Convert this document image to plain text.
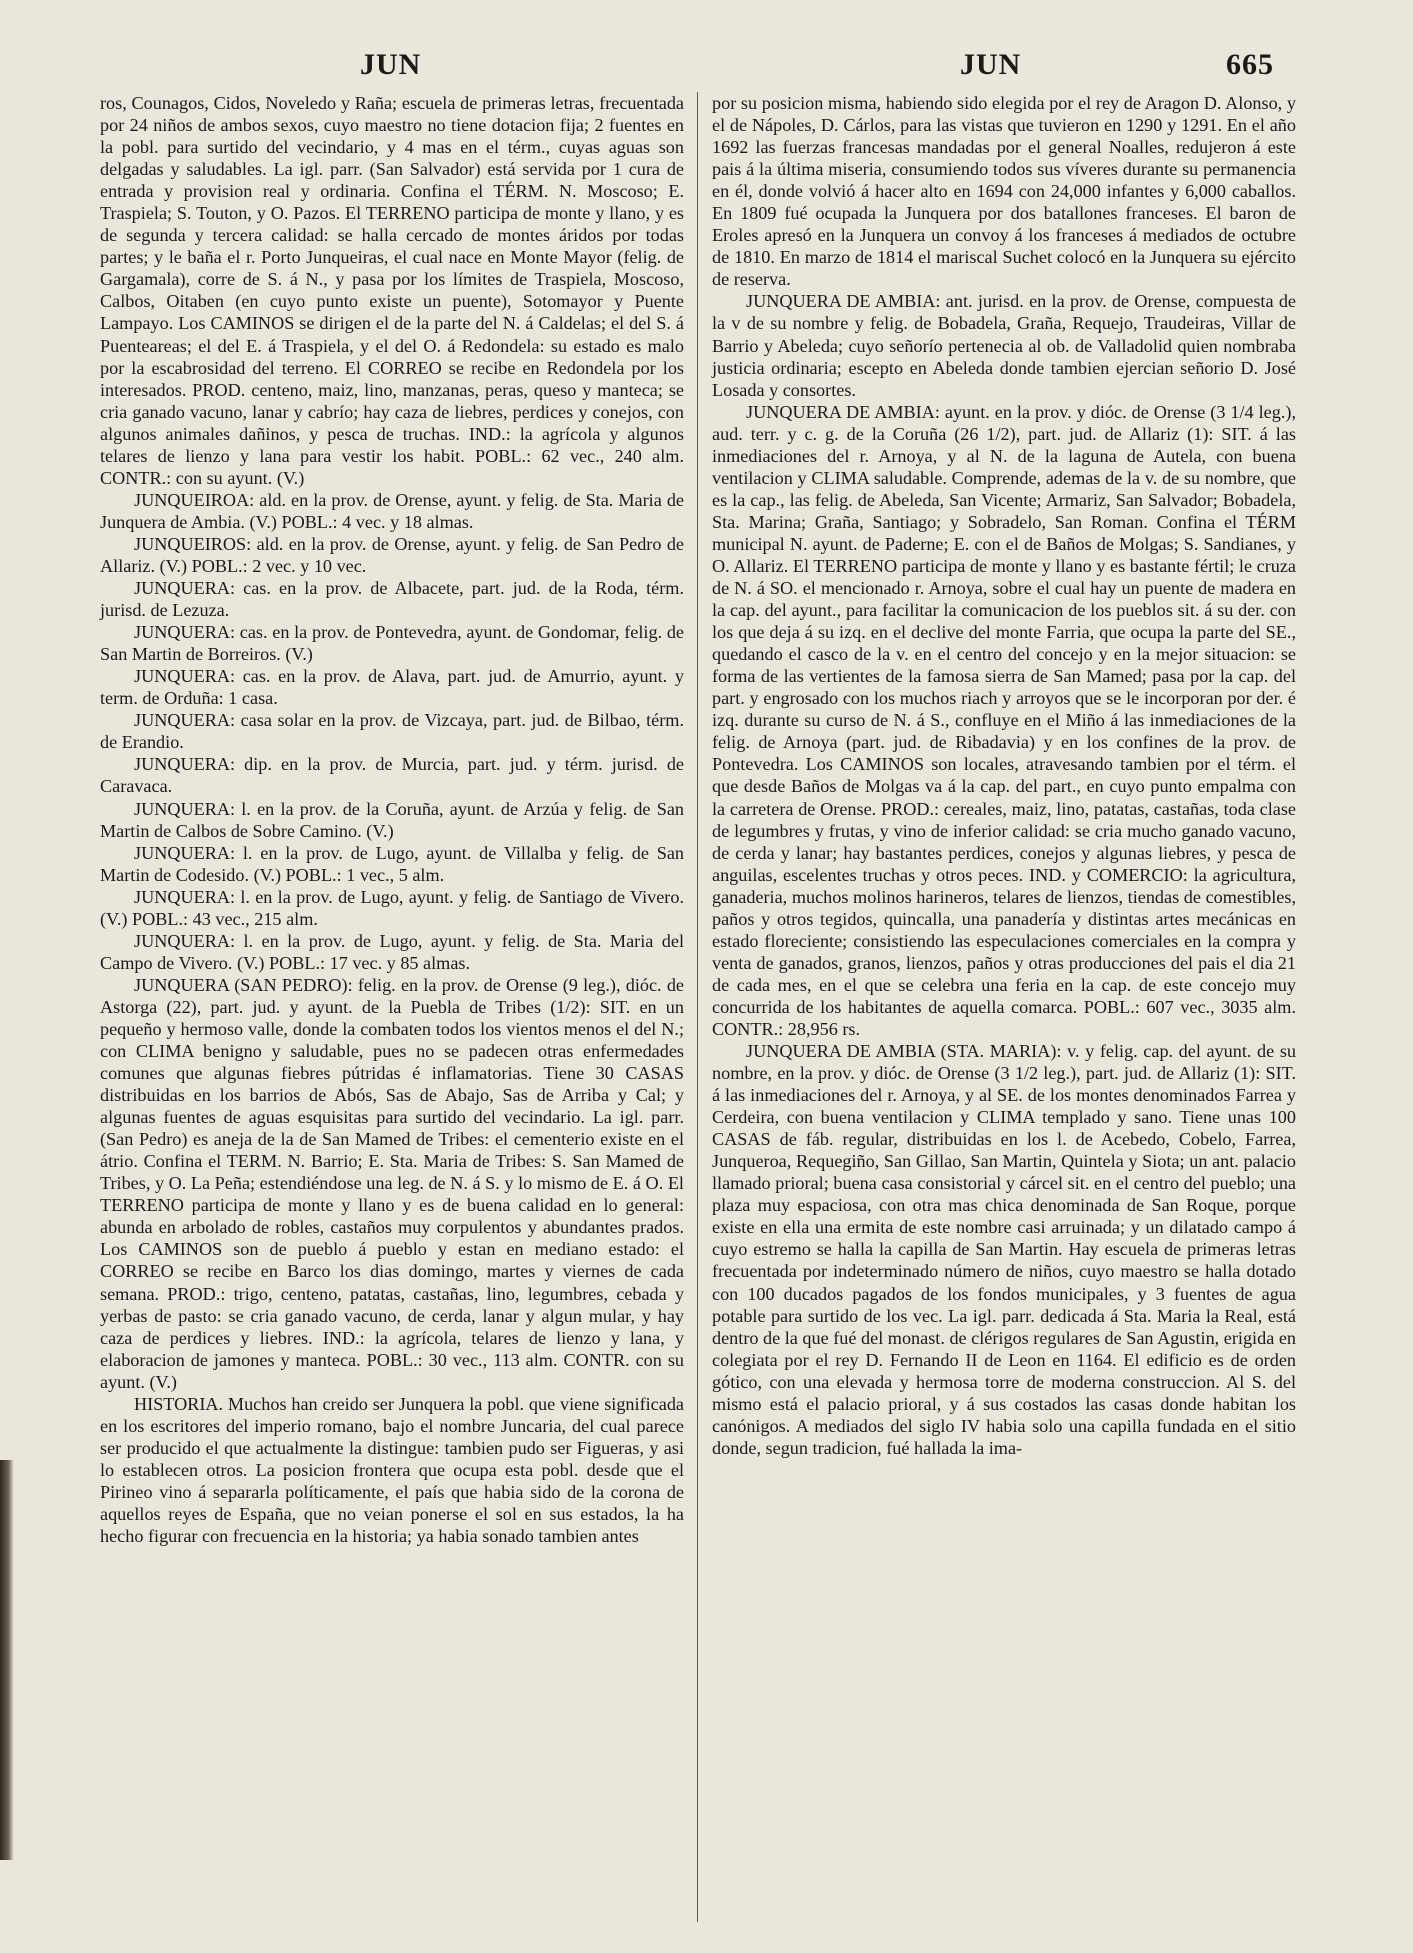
JUN	JUN	665

ros, Counagos, Cidos, Noveledo y Raña; escuela de primeras letras, frecuentada por 24 niños de ambos sexos, cuyo maestro no tiene dotacion fija; 2 fuentes en la pobl. para surtido del vecindario, y 4 mas en el térm., cuyas aguas son delgadas y saludables. La igl. parr. (San Salvador) está servida por 1 cura de entrada y provision real y ordinaria. Confina el TÉRM. N. Moscoso; E. Traspiela; S. Touton, y O. Pazos. El TERRENO participa de monte y llano, y es de segunda y tercera calidad: se halla cercado de montes áridos por todas partes; y le baña el r. Porto Junqueiras, el cual nace en Monte Mayor (felig. de Gargamala), corre de S. á N., y pasa por los límites de Traspiela, Moscoso, Calbos, Oitaben (en cuyo punto existe un puente), Sotomayor y Puente Lampayo. Los CAMINOS se dirigen el de la parte del N. á Caldelas; el del S. á Puenteareas; el del E. á Traspiela, y el del O. á Redondela: su estado es malo por la escabrosidad del terreno. El CORREO se recibe en Redondela por los interesados. PROD. centeno, maiz, lino, manzanas, peras, queso y manteca; se cria ganado vacuno, lanar y cabrío; hay caza de liebres, perdices y conejos, con algunos animales dañinos, y pesca de truchas. IND.: la agrícola y algunos telares de lienzo y lana para vestir los habit. POBL.: 62 vec., 240 alm. CONTR.: con su ayunt. (V.)

JUNQUEIROA: ald. en la prov. de Orense, ayunt. y felig. de Sta. Maria de Junquera de Ambia. (V.) POBL.: 4 vec. y 18 almas.

JUNQUEIROS: ald. en la prov. de Orense, ayunt. y felig. de San Pedro de Allariz. (V.) POBL.: 2 vec. y 10 vec.

JUNQUERA: cas. en la prov. de Albacete, part. jud. de la Roda, térm. jurisd. de Lezuza.

JUNQUERA: cas. en la prov. de Pontevedra, ayunt. de Gondomar, felig. de San Martin de Borreiros. (V.)

JUNQUERA: cas. en la prov. de Alava, part. jud. de Amurrio, ayunt. y term. de Orduña: 1 casa.

JUNQUERA: casa solar en la prov. de Vizcaya, part. jud. de Bilbao, térm. de Erandio.

JUNQUERA: dip. en la prov. de Murcia, part. jud. y térm. jurisd. de Caravaca.

JUNQUERA: l. en la prov. de la Coruña, ayunt. de Arzúa y felig. de San Martin de Calbos de Sobre Camino. (V.)

JUNQUERA: l. en la prov. de Lugo, ayunt. de Villalba y felig. de San Martin de Codesido. (V.) POBL.: 1 vec., 5 alm.

JUNQUERA: l. en la prov. de Lugo, ayunt. y felig. de Santiago de Vivero. (V.) POBL.: 43 vec., 215 alm.

JUNQUERA: l. en la prov. de Lugo, ayunt. y felig. de Sta. Maria del Campo de Vivero. (V.) POBL.: 17 vec. y 85 almas.

JUNQUERA (SAN PEDRO): felig. en la prov. de Orense (9 leg.), dióc. de Astorga (22), part. jud. y ayunt. de la Puebla de Tribes (1/2): SIT. en un pequeño y hermoso valle, donde la combaten todos los vientos menos el del N.; con CLIMA benigno y saludable, pues no se padecen otras enfermedades comunes que algunas fiebres pútridas é inflamatorias. Tiene 30 CASAS distribuidas en los barrios de Abós, Sas de Abajo, Sas de Arriba y Cal; y algunas fuentes de aguas esquisitas para surtido del vecindario. La igl. parr. (San Pedro) es aneja de la de San Mamed de Tribes: el cementerio existe en el átrio. Confina el TERM. N. Barrio; E. Sta. Maria de Tribes: S. San Mamed de Tribes, y O. La Peña; estendiéndose una leg. de N. á S. y lo mismo de E. á O. El TERRENO participa de monte y llano y es de buena calidad en lo general: abunda en arbolado de robles, castaños muy corpulentos y abundantes prados. Los CAMINOS son de pueblo á pueblo y estan en mediano estado: el CORREO se recibe en Barco los dias domingo, martes y viernes de cada semana. PROD.: trigo, centeno, patatas, castañas, lino, legumbres, cebada y yerbas de pasto: se cria ganado vacuno, de cerda, lanar y algun mular, y hay caza de perdices y liebres. IND.: la agrícola, telares de lienzo y lana, y elaboracion de jamones y manteca. POBL.: 30 vec., 113 alm. CONTR. con su ayunt. (V.)

HISTORIA. Muchos han creido ser Junquera la pobl. que viene significada en los escritores del imperio romano, bajo el nombre Juncaria, del cual parece ser producido el que actualmente la distingue: tambien pudo ser Figueras, y asi lo establecen otros. La posicion frontera que ocupa esta pobl. desde que el Pirineo vino á separarla políticamente, el país que habia sido de la corona de aquellos reyes de España, que no veian ponerse el sol en sus estados, la ha hecho figurar con frecuencia en la historia; ya habia sonado tambien antes

por su posicion misma, habiendo sido elegida por el rey de Aragon D. Alonso, y el de Nápoles, D. Cárlos, para las vistas que tuvieron en 1290 y 1291. En el año 1692 las fuerzas francesas mandadas por el general Noalles, redujeron á este pais á la última miseria, consumiendo todos sus víveres durante su permanencia en él, donde volvió á hacer alto en 1694 con 24,000 infantes y 6,000 caballos. En 1809 fué ocupada la Junquera por dos batallones franceses. El baron de Eroles apresó en la Junquera un convoy á los franceses á mediados de octubre de 1810. En marzo de 1814 el mariscal Suchet colocó en la Junquera su ejército de reserva.

JUNQUERA DE AMBIA: ant. jurisd. en la prov. de Orense, compuesta de la v de su nombre y felig. de Bobadela, Graña, Requejo, Traudeiras, Villar de Barrio y Abeleda; cuyo señorío pertenecia al ob. de Valladolid quien nombraba justicia ordinaria; escepto en Abeleda donde tambien ejercian señorio D. José Losada y consortes.

JUNQUERA DE AMBIA: ayunt. en la prov. y dióc. de Orense (3 1/4 leg.), aud. terr. y c. g. de la Coruña (26 1/2), part. jud. de Allariz (1): SIT. á las inmediaciones del r. Arnoya, y al N. de la laguna de Autela, con buena ventilacion y CLIMA saludable. Comprende, ademas de la v. de su nombre, que es la cap., las felig. de Abeleda, San Vicente; Armariz, San Salvador; Bobadela, Sta. Marina; Graña, Santiago; y Sobradelo, San Roman. Confina el TÉRM municipal N. ayunt. de Paderne; E. con el de Baños de Molgas; S. Sandianes, y O. Allariz. El TERRENO participa de monte y llano y es bastante fértil; le cruza de N. á SO. el mencionado r. Arnoya, sobre el cual hay un puente de madera en la cap. del ayunt., para facilitar la comunicacion de los pueblos sit. á su der. con los que deja á su izq. en el declive del monte Farria, que ocupa la parte del SE., quedando el casco de la v. en el centro del concejo y en la mejor situacion: se forma de las vertientes de la famosa sierra de San Mamed; pasa por la cap. del part. y engrosado con los muchos riach y arroyos que se le incorporan por der. é izq. durante su curso de N. á S., confluye en el Miño á las inmediaciones de la felig. de Arnoya (part. jud. de Ribadavia) y en los confines de la prov. de Pontevedra. Los CAMINOS son locales, atravesando tambien por el térm. el que desde Baños de Molgas va á la cap. del part., en cuyo punto empalma con la carretera de Orense. PROD.: cereales, maiz, lino, patatas, castañas, toda clase de legumbres y frutas, y vino de inferior calidad: se cria mucho ganado vacuno, de cerda y lanar; hay bastantes perdices, conejos y algunas liebres, y pesca de anguilas, escelentes truchas y otros peces. IND. y COMERCIO: la agricultura, ganaderia, muchos molinos harineros, telares de lienzos, tiendas de comestibles, paños y otros tegidos, quincalla, una panadería y distintas artes mecánicas en estado floreciente; consistiendo las especulaciones comerciales en la compra y venta de ganados, granos, lienzos, paños y otras producciones del pais el dia 21 de cada mes, en el que se celebra una feria en la cap. de este concejo muy concurrida de los habitantes de aquella comarca. POBL.: 607 vec., 3035 alm. CONTR.: 28,956 rs.

JUNQUERA DE AMBIA (STA. MARIA): v. y felig. cap. del ayunt. de su nombre, en la prov. y dióc. de Orense (3 1/2 leg.), part. jud. de Allariz (1): SIT. á las inmediaciones del r. Arnoya, y al SE. de los montes denominados Farrea y Cerdeira, con buena ventilacion y CLIMA templado y sano. Tiene unas 100 CASAS de fáb. regular, distribuidas en los l. de Acebedo, Cobelo, Farrea, Junqueroa, Requegiño, San Gillao, San Martin, Quintela y Siota; un ant. palacio llamado prioral; buena casa consistorial y cárcel sit. en el centro del pueblo; una plaza muy espaciosa, con otra mas chica denominada de San Roque, porque existe en ella una ermita de este nombre casi arruinada; y un dilatado campo á cuyo estremo se halla la capilla de San Martin. Hay escuela de primeras letras frecuentada por indeterminado número de niños, cuyo maestro se halla dotado con 100 ducados pagados de los fondos municipales, y 3 fuentes de agua potable para surtido de los vec. La igl. parr. dedicada á Sta. Maria la Real, está dentro de la que fué del monast. de clérigos regulares de San Agustin, erigida en colegiata por el rey D. Fernando II de Leon en 1164. El edificio es de orden gótico, con una elevada y hermosa torre de moderna construccion. Al S. del mismo está el palacio prioral, y á sus costados las casas donde habitan los canónigos. A mediados del siglo IV habia solo una capilla fundada en el sitio donde, segun tradicion, fué hallada la ima-
